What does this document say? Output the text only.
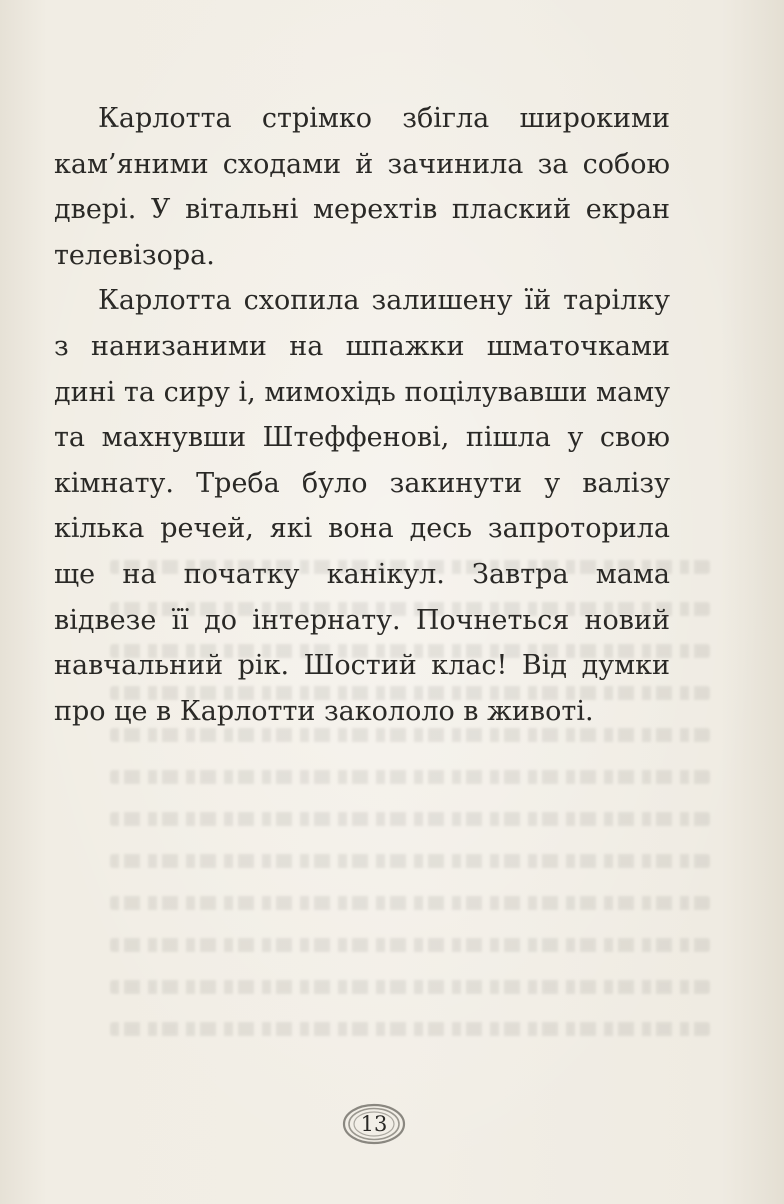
Карлотта стрімко збігла широкими кам’яними сходами й зачинила за собою двері. У вітальні мерехтів плаский екран телевізора.

Карлотта схопила залишену їй тарілку з нанизаними на шпажки шматочками дині та сиру і, мимохідь поцілувавши маму та махнувши Штеффенові, пішла у свою кімнату. Треба було закинути у валізу кілька речей, які вона десь запроторила ще на початку канікул. Завтра мама відвезе її до інтернату. Почнеться новий навчальний рік. Шостий клас! Від думки про це в Карлотти закололо в животі.

13
